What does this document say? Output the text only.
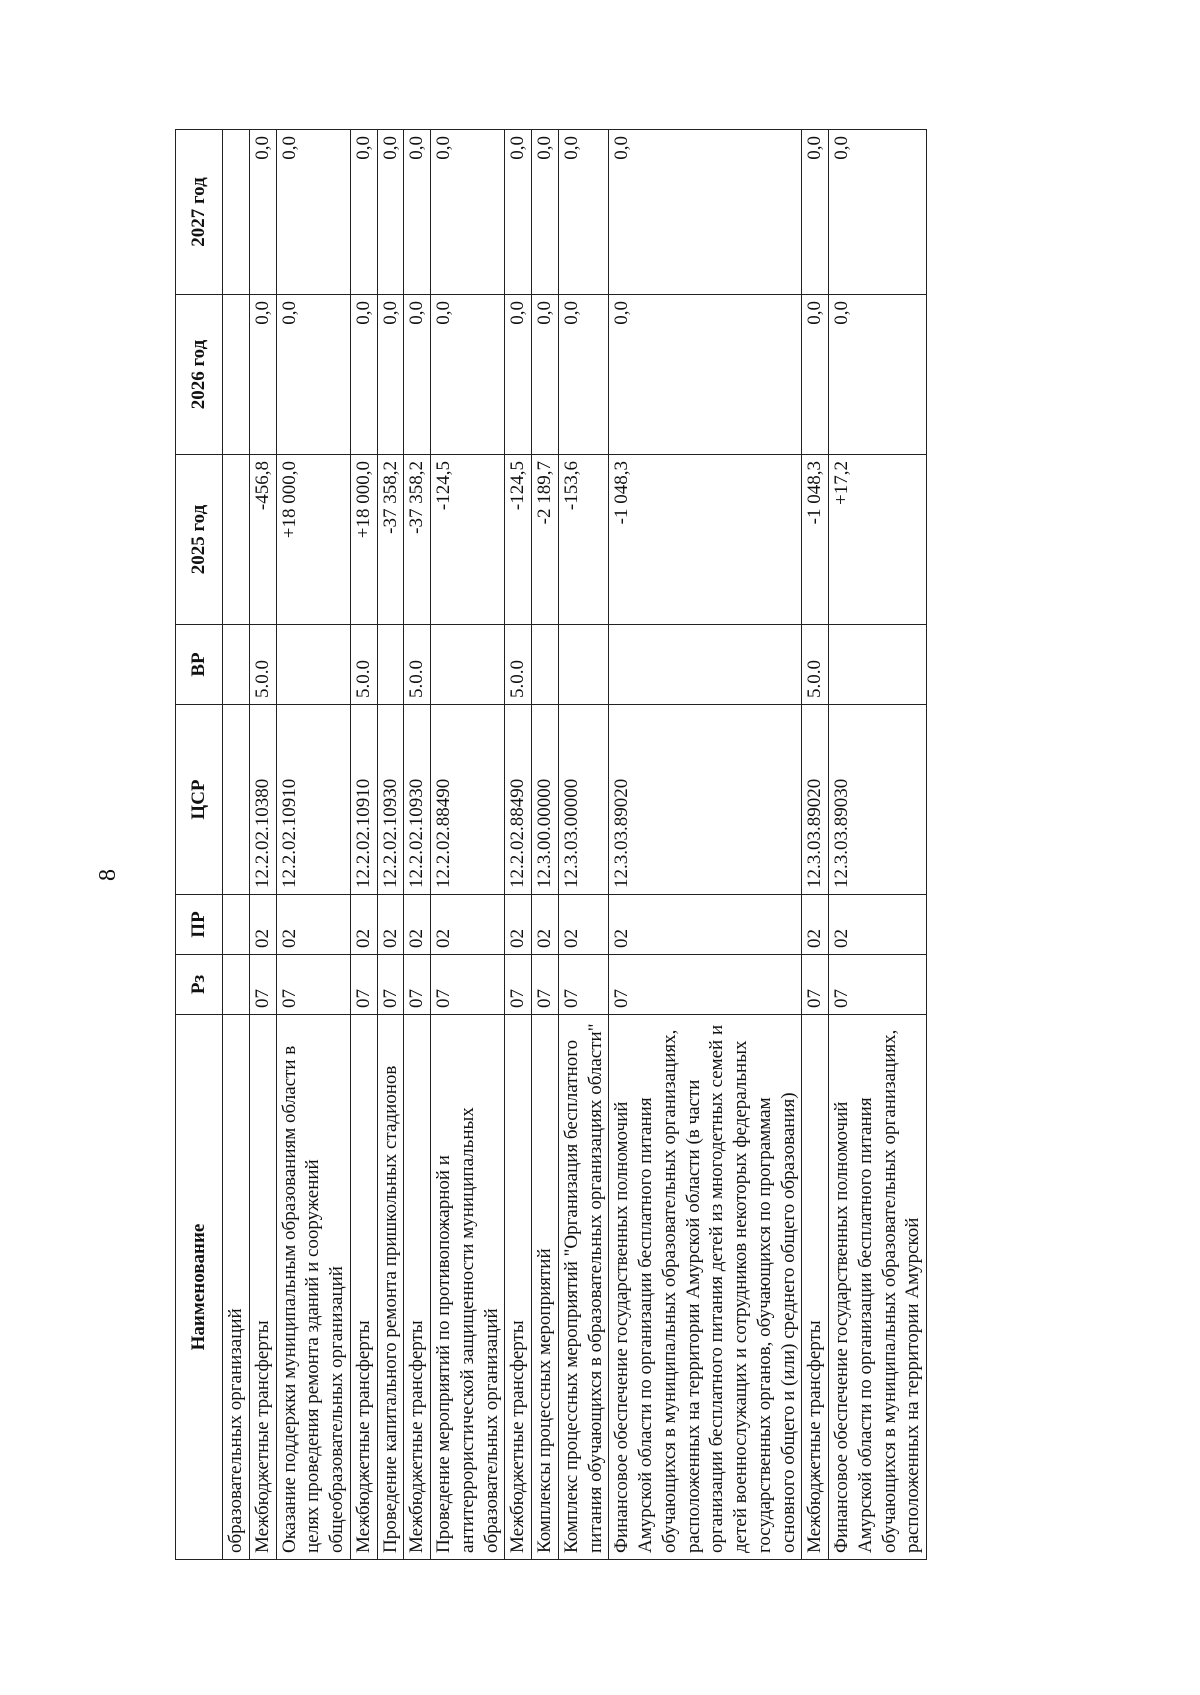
8
Наименование	Рз	ПР	ЦСР	ВР	2025 год	2026 год	2027 год
образовательных организаций							
Межбюджетные трансферты	07	02	12.2.02.10380	5.0.0	-456,8	0,0	0,0
Оказание поддержки муниципальным образованиям области в целях проведения ремонта зданий и сооружений общеобразовательных организаций	07	02	12.2.02.10910		+18 000,0	0,0	0,0
Межбюджетные трансферты	07	02	12.2.02.10910	5.0.0	+18 000,0	0,0	0,0
Проведение капитального ремонта пришкольных стадионов	07	02	12.2.02.10930		-37 358,2	0,0	0,0
Межбюджетные трансферты	07	02	12.2.02.10930	5.0.0	-37 358,2	0,0	0,0
Проведение мероприятий по противопожарной и антитеррористической защищенности муниципальных образовательных организаций	07	02	12.2.02.88490		-124,5	0,0	0,0
Межбюджетные трансферты	07	02	12.2.02.88490	5.0.0	-124,5	0,0	0,0
Комплексы процессных мероприятий	07	02	12.3.00.00000		-2 189,7	0,0	0,0
Комплекс процессных мероприятий "Организация бесплатного питания обучающихся в образовательных организациях области"	07	02	12.3.03.00000		-153,6	0,0	0,0
Финансовое обеспечение государственных полномочий Амурской области по организации бесплатного питания обучающихся в муниципальных образовательных организациях, расположенных на территории Амурской области (в части организации бесплатного питания детей из многодетных семей и детей военнослужащих и сотрудников некоторых федеральных государственных органов, обучающихся по программам основного общего и (или) среднего общего образования)	07	02	12.3.03.89020		-1 048,3	0,0	0,0
Межбюджетные трансферты	07	02	12.3.03.89020	5.0.0	-1 048,3	0,0	0,0
Финансовое обеспечение государственных полномочий Амурской области по организации бесплатного питания обучающихся в муниципальных образовательных организациях, расположенных на территории Амурской	07	02	12.3.03.89030		+17,2	0,0	0,0
